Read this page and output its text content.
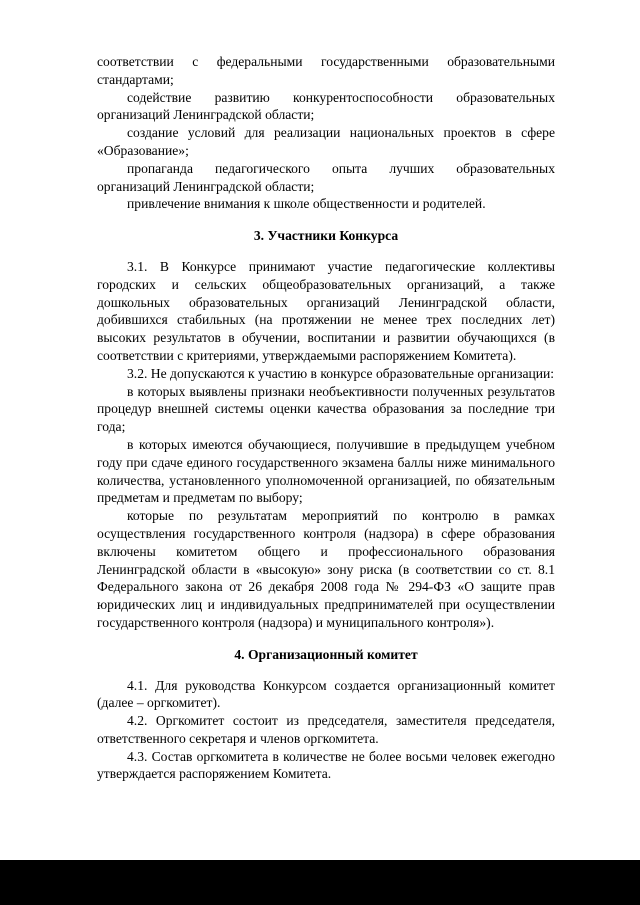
соответствии с федеральными государственными образовательными стандартами;

содействие развитию конкурентоспособности образовательных организаций Ленинградской области;

создание условий для реализации национальных проектов в сфере «Образование»;

пропаганда педагогического опыта лучших образовательных организаций Ленинградской области;

привлечение внимания к школе общественности и родителей.

3. Участники Конкурса

3.1. В Конкурсе принимают участие педагогические коллективы городских и сельских общеобразовательных организаций, а также дошкольных образовательных организаций Ленинградской области, добившихся стабильных (на протяжении не менее трех последних лет) высоких результатов в обучении, воспитании и развитии обучающихся (в соответствии с критериями, утверждаемыми распоряжением Комитета).

3.2. Не допускаются к участию в конкурсе образовательные организации:

в которых выявлены признаки необъективности полученных результатов процедур внешней системы оценки качества образования за последние три года;

в которых имеются обучающиеся, получившие в предыдущем учебном году при сдаче единого государственного экзамена баллы ниже минимального количества, установленного уполномоченной организацией, по обязательным предметам и предметам по выбору;

которые по результатам мероприятий по контролю в рамках осуществления государственного контроля (надзора) в сфере образования включены комитетом общего и профессионального образования Ленинградской области в «высокую» зону риска (в соответствии со ст. 8.1 Федерального закона от 26 декабря 2008 года № 294-ФЗ «О защите прав юридических лиц и индивидуальных предпринимателей при осуществлении государственного контроля (надзора) и муниципального контроля»).

4. Организационный комитет

4.1. Для руководства Конкурсом создается организационный комитет (далее – оргкомитет).

4.2. Оргкомитет состоит из председателя, заместителя председателя, ответственного секретаря и членов оргкомитета.

4.3. Состав оргкомитета в количестве не более восьми человек ежегодно утверждается распоряжением Комитета.
